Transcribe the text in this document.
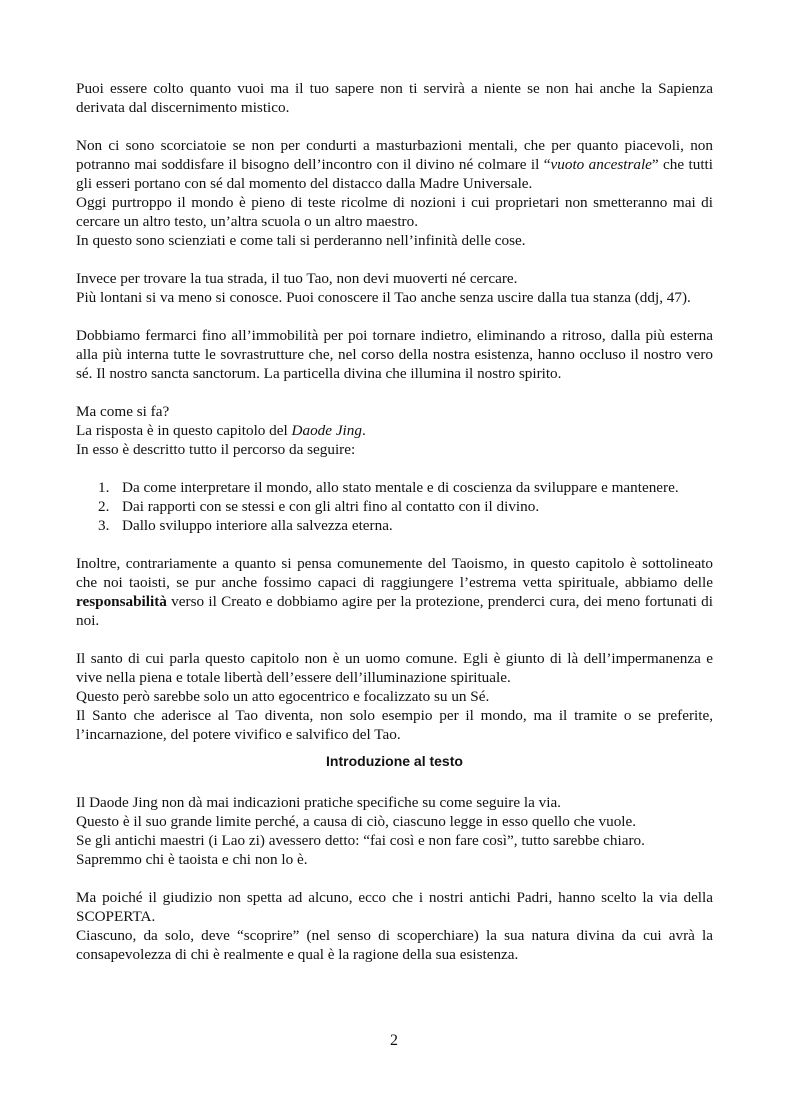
Puoi essere colto quanto vuoi ma il tuo sapere non ti servirà a niente se non hai anche la Sapienza derivata dal discernimento mistico.

Non ci sono scorciatoie se non per condurti a masturbazioni mentali, che per quanto piacevoli, non potranno mai soddisfare il bisogno dell’incontro con il divino né colmare il “vuoto ancestrale” che tutti gli esseri portano con sé dal momento del distacco dalla Madre Universale.

Oggi purtroppo il mondo è pieno di teste ricolme di nozioni i cui proprietari non smetteranno mai di cercare un altro testo, un’altra scuola o un altro maestro.

In questo sono scienziati e come tali si perderanno nell’infinità delle cose.

Invece per trovare la tua strada, il tuo Tao, non devi muoverti né cercare.

Più lontani si va meno si conosce. Puoi conoscere il Tao anche senza uscire dalla tua stanza (ddj, 47).

Dobbiamo fermarci fino all’immobilità per poi tornare indietro, eliminando a ritroso, dalla più esterna alla più interna tutte le sovrastrutture che, nel corso della nostra esistenza, hanno occluso il nostro vero sé. Il nostro sancta sanctorum. La particella divina che illumina il nostro spirito.

Ma come si fa?

La risposta è in questo capitolo del Daode Jing.

In esso è descritto tutto il percorso da seguire:

1. Da come interpretare il mondo, allo stato mentale e di coscienza da sviluppare e mantenere.
2. Dai rapporti con se stessi e con gli altri fino al contatto con il divino.
3. Dallo sviluppo interiore alla salvezza eterna.

Inoltre, contrariamente a quanto si pensa comunemente del Taoismo, in questo capitolo è sottolineato che noi taoisti, se pur anche fossimo capaci di raggiungere l’estrema vetta spirituale, abbiamo delle responsabilità verso il Creato e dobbiamo agire per la protezione, prenderci cura, dei meno fortunati di noi.

Il santo di cui parla questo capitolo non è un uomo comune. Egli è giunto di là dell’impermanenza e vive nella piena e totale libertà dell’essere dell’illuminazione spirituale.

Questo però sarebbe solo un atto egocentrico e focalizzato su un Sé.

Il Santo che aderisce al Tao diventa, non solo esempio per il mondo, ma il tramite o se preferite, l’incarnazione, del potere vivifico e salvifico del Tao.

Introduzione al testo

Il Daode Jing non dà mai indicazioni pratiche specifiche su come seguire la via.

Questo è il suo grande limite perché, a causa di ciò, ciascuno legge in esso quello che vuole.

Se gli antichi maestri (i Lao zi) avessero detto: “fai così e non fare così”, tutto sarebbe chiaro.

Sapremmo chi è taoista e chi non lo è.

Ma poiché il giudizio non spetta ad alcuno, ecco che i nostri antichi Padri, hanno scelto la via della SCOPERTA.

Ciascuno, da solo, deve “scoprire” (nel senso di scoperchiare) la sua natura divina da cui avrà la consapevolezza di chi è realmente e qual è la ragione della sua esistenza.

2
